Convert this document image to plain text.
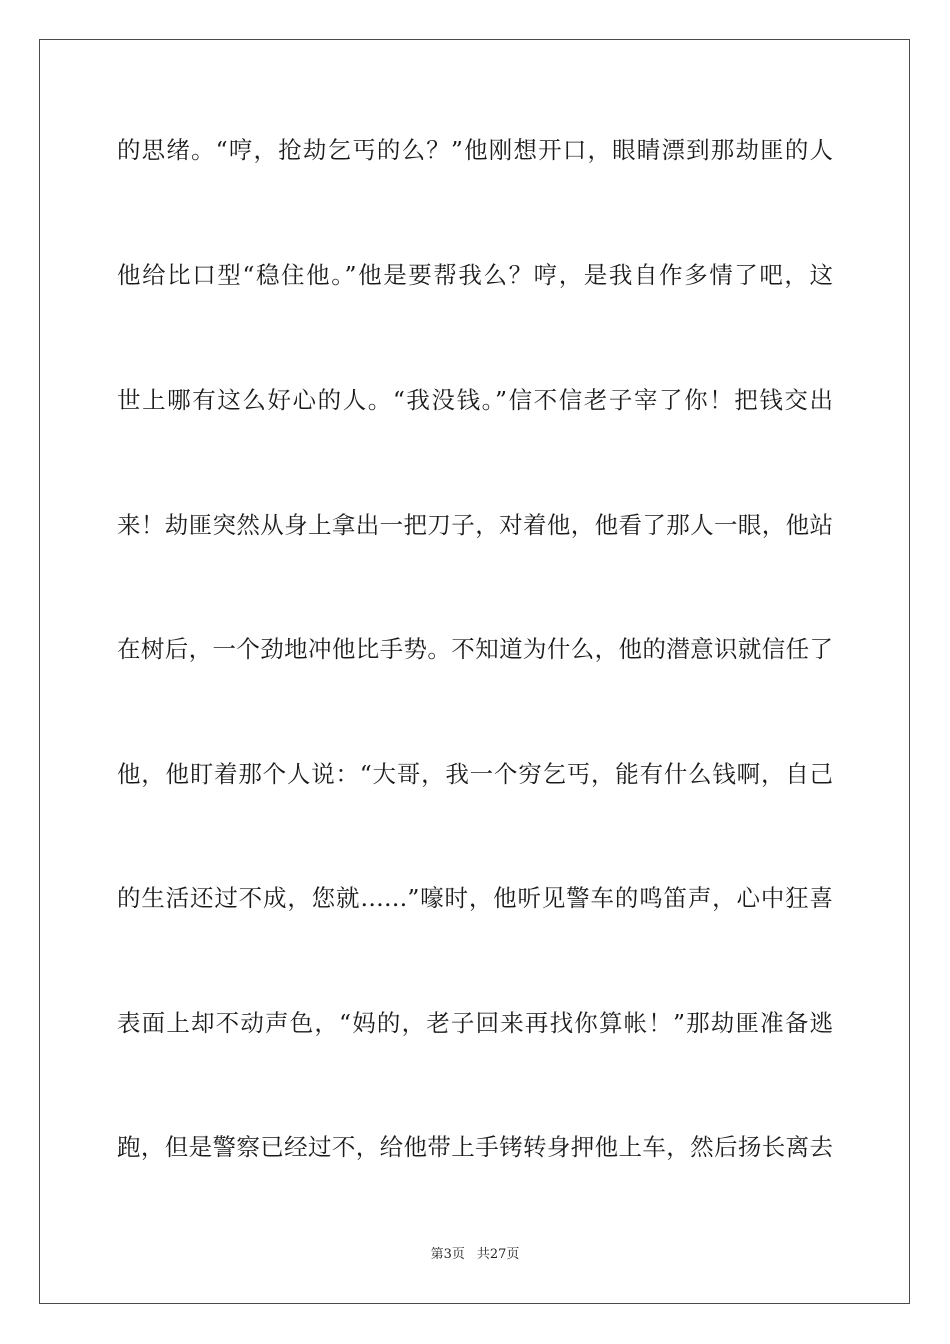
的思绪。“哼，抢劫乞丐的么？”他刚想开口，眼睛漂到那劫匪的人
他给比口型“稳住他。”他是要帮我么？哼，是我自作多情了吧，这
世上哪有这么好心的人。“我没钱。”信不信老子宰了你！把钱交出
来！劫匪突然从身上拿出一把刀子，对着他，他看了那人一眼，他站
在树后，一个劲地冲他比手势。不知道为什么，他的潜意识就信任了
他，他盯着那个人说：“大哥，我一个穷乞丐，能有什么钱啊，自己
的生活还过不成，您就……”嚎时，他听见警车的鸣笛声，心中狂喜
表面上却不动声色，“妈的，老子回来再找你算帐！”那劫匪准备逃
跑，但是警察已经过不，给他带上手铐转身押他上车，然后扬长离去
第3页 共27页
